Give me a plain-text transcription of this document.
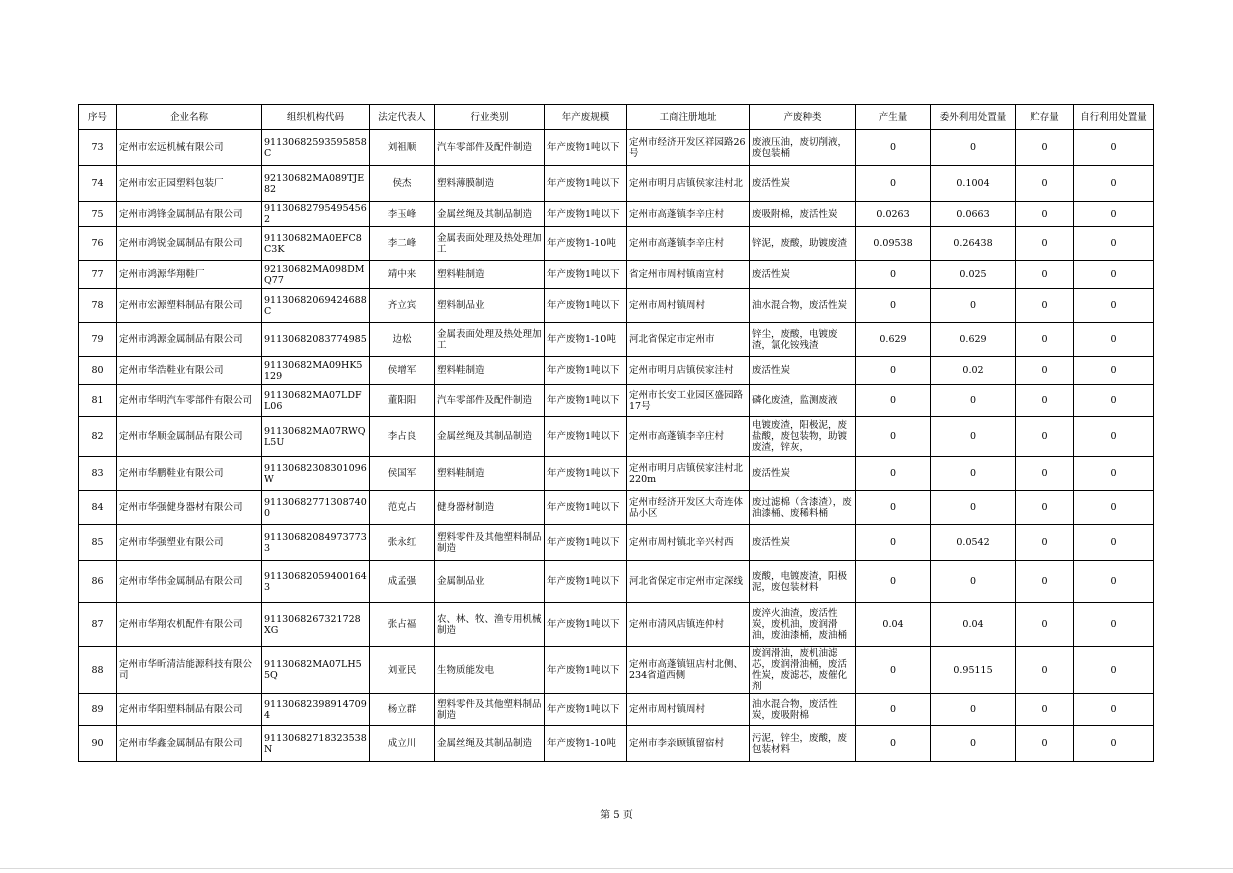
序号	企业名称	组织机构代码	法定代表人	行业类别	年产废规模	工商注册地址	产废种类	产生量	委外利用处置量	贮存量	自行利用处置量
73	定州市宏远机械有限公司	91130682593595858C	刘祖顺	汽车零部件及配件制造	年产废物1吨以下	定州市经济开发区祥园路26号	废液压油，废切削液，废包装桶	0	0	0	0
74	定州市宏正园塑料包装厂	92130682MA089TJE82	侯杰	塑料薄膜制造	年产废物1吨以下	定州市明月店镇侯家洼村北	废活性炭	0	0.1004	0	0
75	定州市鸿锋金属制品有限公司	911306827954954562	李玉峰	金属丝绳及其制品制造	年产废物1吨以下	定州市高蓬镇李辛庄村	废吸附棉，废活性炭	0.0263	0.0663	0	0
76	定州市鸿锐金属制品有限公司	91130682MA0EFC8C3K	李二峰	金属表面处理及热处理加工	年产废物1-10吨	定州市高蓬镇李辛庄村	锌泥，废酸，助镀废渣	0.09538	0.26438	0	0
77	定州市鸿源华翔鞋厂	92130682MA098DMQ77	靖中来	塑料鞋制造	年产废物1吨以下	省定州市周村镇南宣村	废活性炭	0	0.025	0	0
78	定州市宏源塑料制品有限公司	91130682069424688C	齐立宾	塑料制品业	年产废物1吨以下	定州市周村镇周村	油水混合物，废活性炭	0	0	0	0
79	定州市鸿源金属制品有限公司	91130682083774985	边松	金属表面处理及热处理加工	年产废物1-10吨	河北省保定市定州市	锌尘，废酸，电镀废渣，氯化铵残渣	0.629	0.629	0	0
80	定州市华浩鞋业有限公司	91130682MA09HK5129	侯增军	塑料鞋制造	年产废物1吨以下	定州市明月店镇侯家洼村	废活性炭	0	0.02	0	0
81	定州市华明汽车零部件有限公司	91130682MA07LDFL06	董阳阳	汽车零部件及配件制造	年产废物1吨以下	定州市长安工业园区盛园路17号	磷化废渣，监测废液	0	0	0	0
82	定州市华顺金属制品有限公司	91130682MA07RWQL5U	李占良	金属丝绳及其制品制造	年产废物1吨以下	定州市高蓬镇李辛庄村	电镀废渣，阳极泥，废盐酸，废包装物，助镀废渣，锌灰，	0	0	0	0
83	定州市华鹏鞋业有限公司	91130682308301096W	侯国军	塑料鞋制造	年产废物1吨以下	定州市明月店镇侯家洼村北220m	废活性炭	0	0	0	0
84	定州市华强健身器材有限公司	911306827713087400	范克占	健身器材制造	年产废物1吨以下	定州市经济开发区大奇连体品小区	废过滤棉（含漆渣），废油漆桶、废稀料桶	0	0	0	0
85	定州市华强塑业有限公司	911306820849737733	张永红	塑料零件及其他塑料制品制造	年产废物1吨以下	定州市周村镇北辛兴村西	废活性炭	0	0.0542	0	0
86	定州市华伟金属制品有限公司	911306820594001643	成孟强	金属制品业	年产废物1吨以下	河北省保定市定州市定深线	废酸，电镀废渣，阳极泥，废包装材料	0	0	0	0
87	定州市华翔农机配件有限公司	9113068267321728XG	张占福	农、林、牧、渔专用机械制造	年产废物1吨以下	定州市清风店镇连仲村	废淬火油渣，废活性炭，废机油，废润滑油，废油漆桶，废油桶	0.04	0.04	0	0
88	定州市华昕清洁能源科技有限公司	91130682MA07LH55Q	刘亚民	生物质能发电	年产废物1吨以下	定州市高蓬镇钮店村北侧、234省道西侧	废润滑油，废机油滤芯，废润滑油桶，废活性炭，废滤芯，废催化剂	0	0.95115	0	0
89	定州市华阳塑料制品有限公司	911306823989147094	杨立群	塑料零件及其他塑料制品制造	年产废物1吨以下	定州市周村镇周村	油水混合物，废活性炭，废吸附棉	0	0	0	0
90	定州市华鑫金属制品有限公司	91130682718323538N	成立川	金属丝绳及其制品制造	年产废物1-10吨	定州市李亲顾镇留宿村	污泥，锌尘，废酸，废包装材料	0	0	0	0
第 5 页
